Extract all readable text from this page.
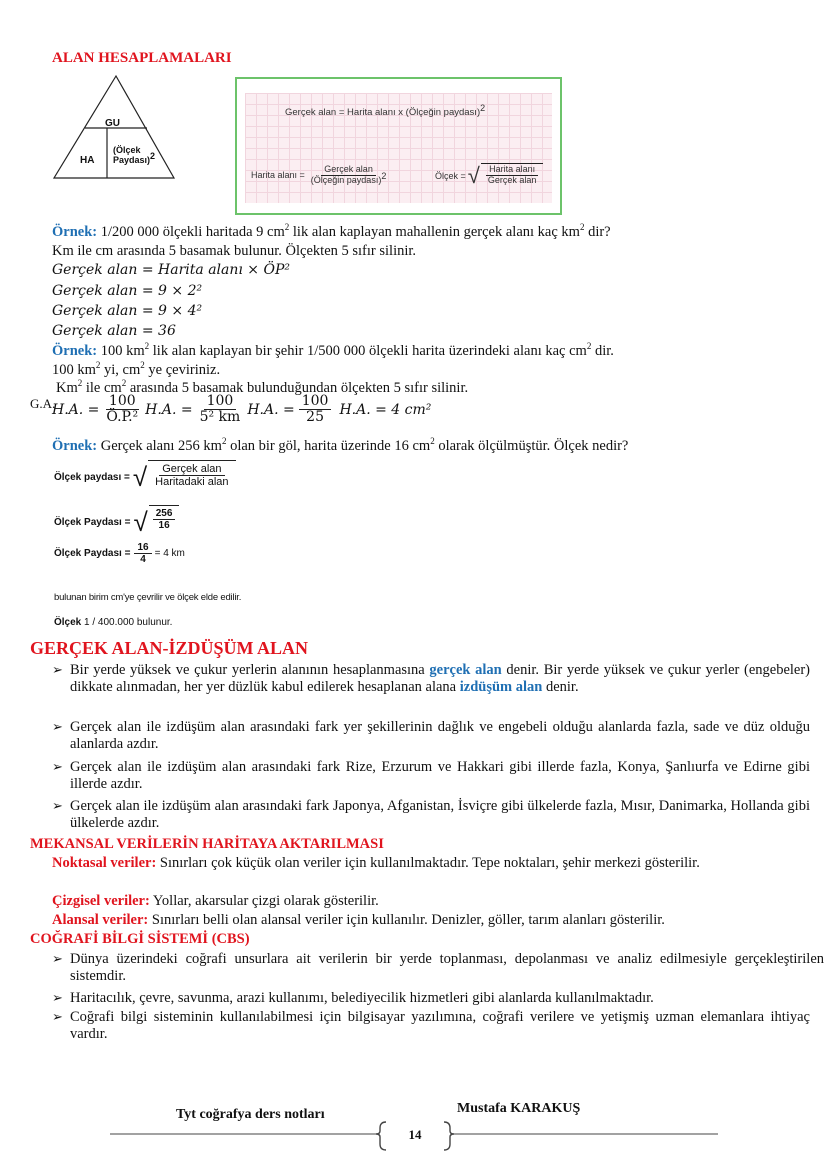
ALAN HESAPLAMALARI
GU
HA
(Ölçek
Paydası)$^2$
Gerçek alan = Harita alanı x (Ölçeğin paydası)$^2$
Harita alanı = $\frac{\text{Gerçek alan}}{(Ölçeğin paydası)^2}$	Ölçek = √ $\frac{\text{Harita alanı}}{\text{Gerçek alan}}$
Örnek: 1/200 000 ölçekli haritada 9 $cm^2$ lik alan kaplayan mahallenin gerçek alanı kaç $km^2$ dir?
Km ile cm arasında 5 basamak bulunur. Ölçekten 5 sıfır silinir.
Gerçek alan = Harita alanı × ÖP²
Gerçek alan = 9 × 2²
Gerçek alan = 9 × 4²
Gerçek alan = 36
Örnek: 100 $km^2$ lik alan kaplayan bir şehir 1/500 000 ölçekli harita üzerindeki alanı kaç $cm^2$ dir.
100 $km^2$ yi, $cm^2$ ye çeviriniz.
Km$^2$ ile $cm^2$ arasında 5 basamak bulunduğundan ölçekten 5 sıfır silinir.
G.A.
H.A. = $\frac{100}{\text{Ö.P.²}} H.A$. = $\frac{100}{\text{5² km}} H.A$. = $\frac{100}{25} H.A$. = 4 cm²
Örnek: Gerçek alanı 256 $km^2$ olan bir göl, harita üzerinde 16 $cm^2$ olarak ölçülmüştür. Ölçek nedir?
Ölçek paydası = √ $\frac{\text{Gerçek alan}}{\text{Haritadaki alan}}$
Ölçek Paydası = √ $\frac{256}{16}$
Ölçek Paydası = $\frac{16}{4} = 4$ km
bulunan birim cm'ye çevrilir ve ölçek elde edilir.
Ölçek 1 / 400.000 bulunur.
GERÇEK ALAN-İZDÜŞÜM ALAN
➢ Bir yerde yüksek ve çukur yerlerin alanının hesaplanmasına gerçek alan denir. Bir yerde yüksek ve çukur yerler (engebeler) dikkate alınmadan, her yer düzlük kabul edilerek hesaplanan alana izdüşüm alan denir.
➢ Gerçek alan ile izdüşüm alan arasındaki fark yer şekillerinin dağlık ve engebeli olduğu alanlarda fazla, sade ve düz olduğu alanlarda azdır.
➢ Gerçek alan ile izdüşüm alan arasındaki fark Rize, Erzurum ve Hakkari gibi illerde fazla, Konya, Şanlıurfa ve Edirne gibi illerde azdır.
➢ Gerçek alan ile izdüşüm alan arasındaki fark Japonya, Afganistan, İsviçre gibi ülkelerde fazla, Mısır, Danimarka, Hollanda gibi ülkelerde azdır.
MEKANSAL VERİLERİN HARİTAYA AKTARILMASI
Noktasal veriler: Sınırları çok küçük olan veriler için kullanılmaktadır. Tepe noktaları, şehir merkezi gösterilir.
Çizgisel veriler: Yollar, akarsular çizgi olarak gösterilir.
Alansal veriler: Sınırları belli olan alansal veriler için kullanılır. Denizler, göller, tarım alanları gösterilir.
COĞRAFİ BİLGİ SİSTEMİ (CBS)
➢ Dünya üzerindeki coğrafi unsurlara ait verilerin bir yerde toplanması, depolanması ve analiz edilmesiyle gerçekleştirilen sistemdir.
➢ Haritacılık, çevre, savunma, arazi kullanımı, belediyecilik hizmetleri gibi alanlarda kullanılmaktadır.
➢ Coğrafi bilgi sisteminin kullanılabilmesi için bilgisayar yazılımına, coğrafi verilere ve yetişmiş uzman elemanlara ihtiyaç vardır.
Tyt coğrafya ders notları	Mustafa KARAKUŞ
14
